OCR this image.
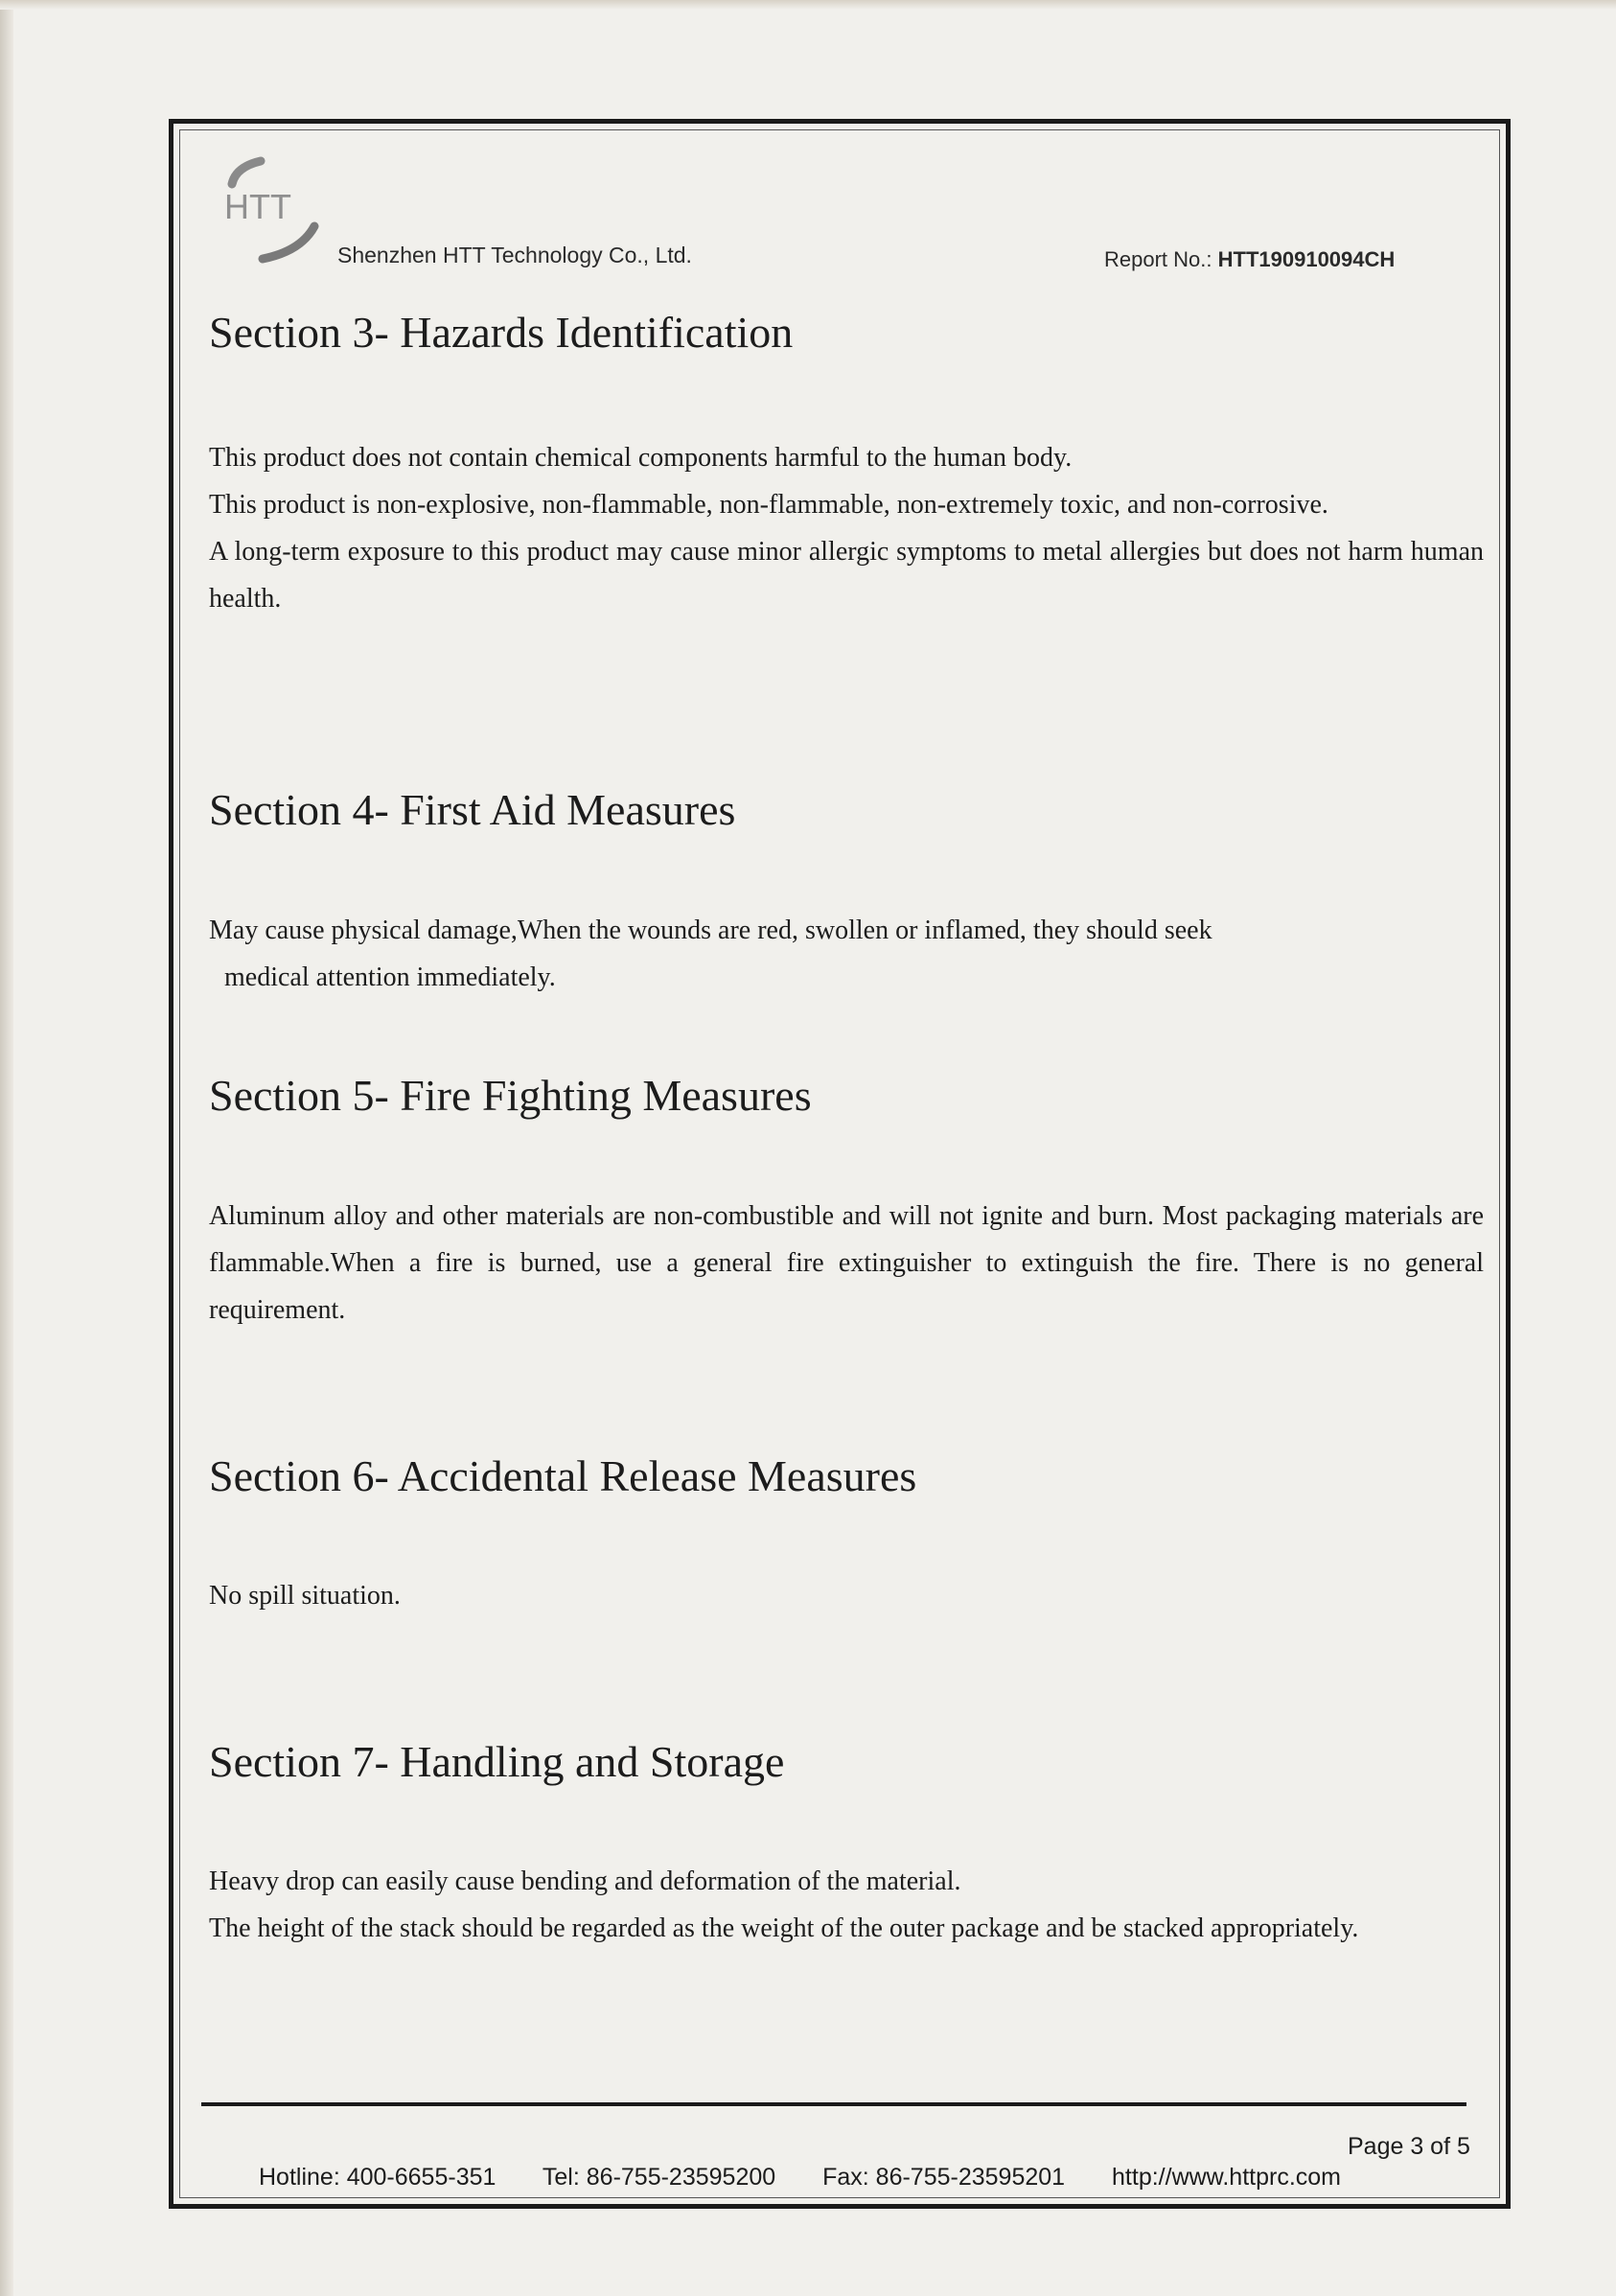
HTT
Shenzhen HTT Technology Co., Ltd.	Report No.: HTT190910094CH
Section 3- Hazards Identification

This product does not contain chemical components harmful to the human body.

This product is non-explosive, non-flammable, non-flammable, non-extremely toxic, and non-corrosive.

A long-term exposure to this product may cause minor allergic symptoms to metal allergies but does not harm human health.

Section 4- First Aid Measures

May cause physical damage,When the wounds are red, swollen or inflamed, they should seek

medical attention immediately.

Section 5- Fire Fighting Measures

Aluminum alloy and other materials are non-combustible and will not ignite and burn. Most packaging materials are flammable.When a fire is burned, use a general fire extinguisher to extinguish the fire. There is no general requirement.

Section 6- Accidental Release Measures

No spill situation.

Section 7- Handling and Storage

Heavy drop can easily cause bending and deformation of the material.

The height of the stack should be regarded as the weight of the outer package and be stacked appropriately.

Page 3 of 5
Hotline: 400-6655-351 Tel: 86-755-23595200 Fax: 86-755-23595201 http://www.httprc.com
